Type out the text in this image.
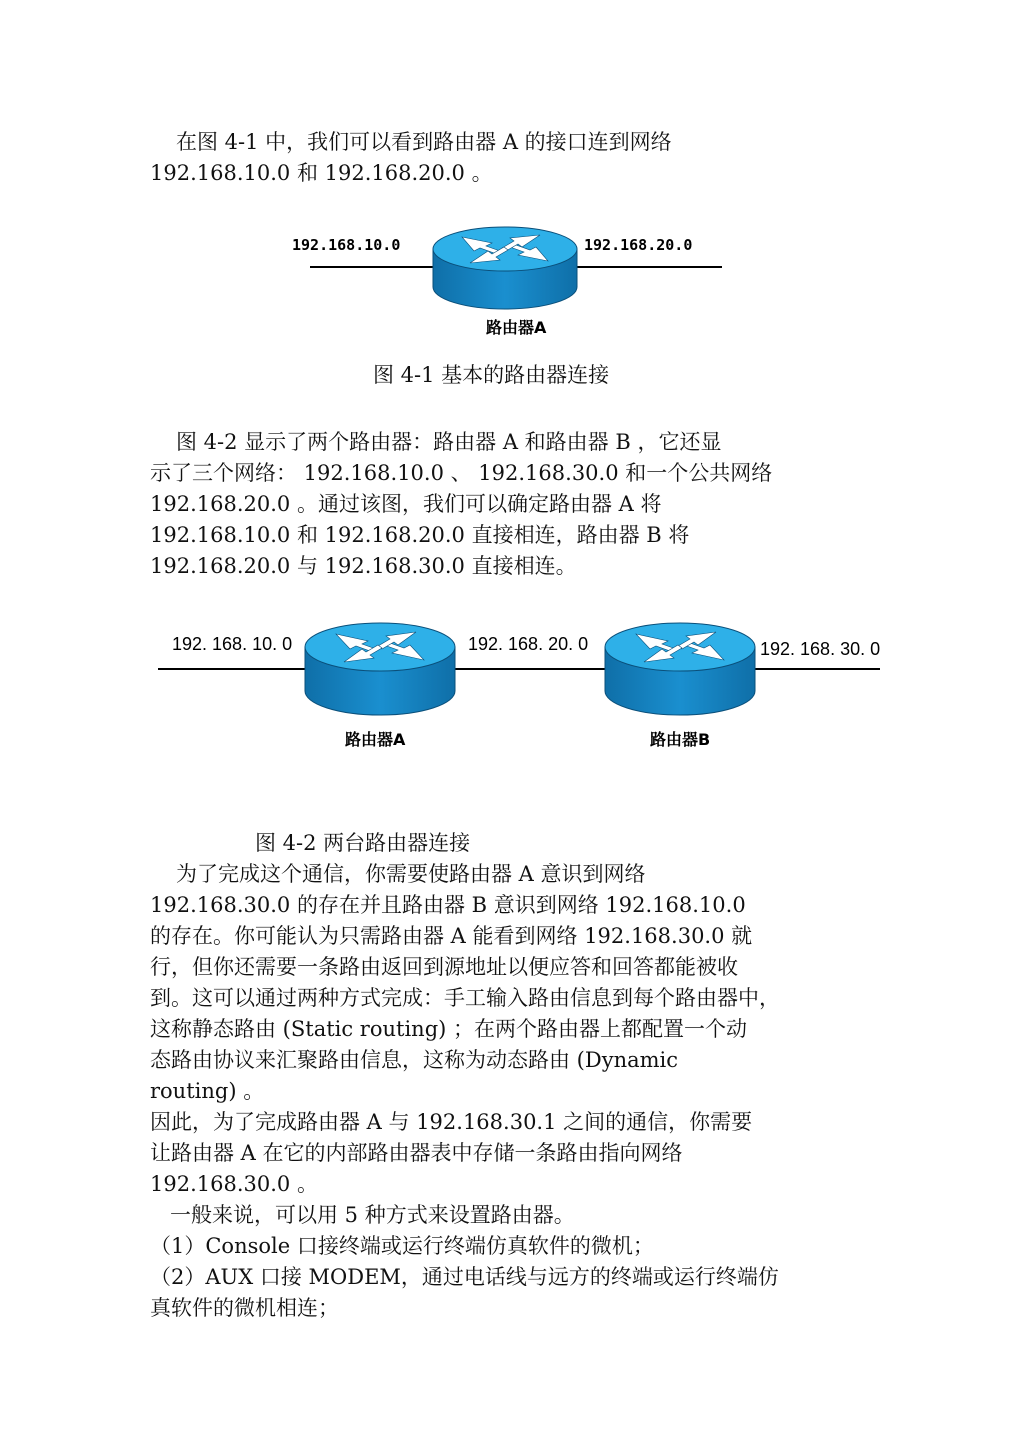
在图 4-1 中，我们可以看到路由器 A 的接口连到网络
192.168.10.0 和 192.168.20.0 。
192.168.10.0	192.168.20.0
路由器A
图 4-1 基本的路由器连接
图 4-2 显示了两个路由器：路由器 A 和路由器 B ，它还显
示了三个网络： 192.168.10.0 、 192.168.30.0 和一个公共网络
192.168.20.0 。通过该图，我们可以确定路由器 A 将
192.168.10.0 和 192.168.20.0 直接相连，路由器 B 将
192.168.20.0 与 192.168.30.0 直接相连。
192. 168. 10. 0	192. 168. 20. 0	192. 168. 30. 0
路由器A	路由器B
图 4-2 两台路由器连接
为了完成这个通信，你需要使路由器 A 意识到网络
192.168.30.0 的存在并且路由器 B 意识到网络 192.168.10.0
的存在。你可能认为只需路由器 A 能看到网络 192.168.30.0 就
行，但你还需要一条路由返回到源地址以便应答和回答都能被收
到。这可以通过两种方式完成：手工输入路由信息到每个路由器中，
这称静态路由 (Static routing) ；在两个路由器上都配置一个动
态路由协议来汇聚路由信息，这称为动态路由 (Dynamic
routing) 。
因此，为了完成路由器 A 与 192.168.30.1 之间的通信，你需要
让路由器 A 在它的内部路由器表中存储一条路由指向网络
192.168.30.0 。
一般来说，可以用 5 种方式来设置路由器。
（1）Console 口接终端或运行终端仿真软件的微机；
（2）AUX 口接 MODEM，通过电话线与远方的终端或运行终端仿
真软件的微机相连；
